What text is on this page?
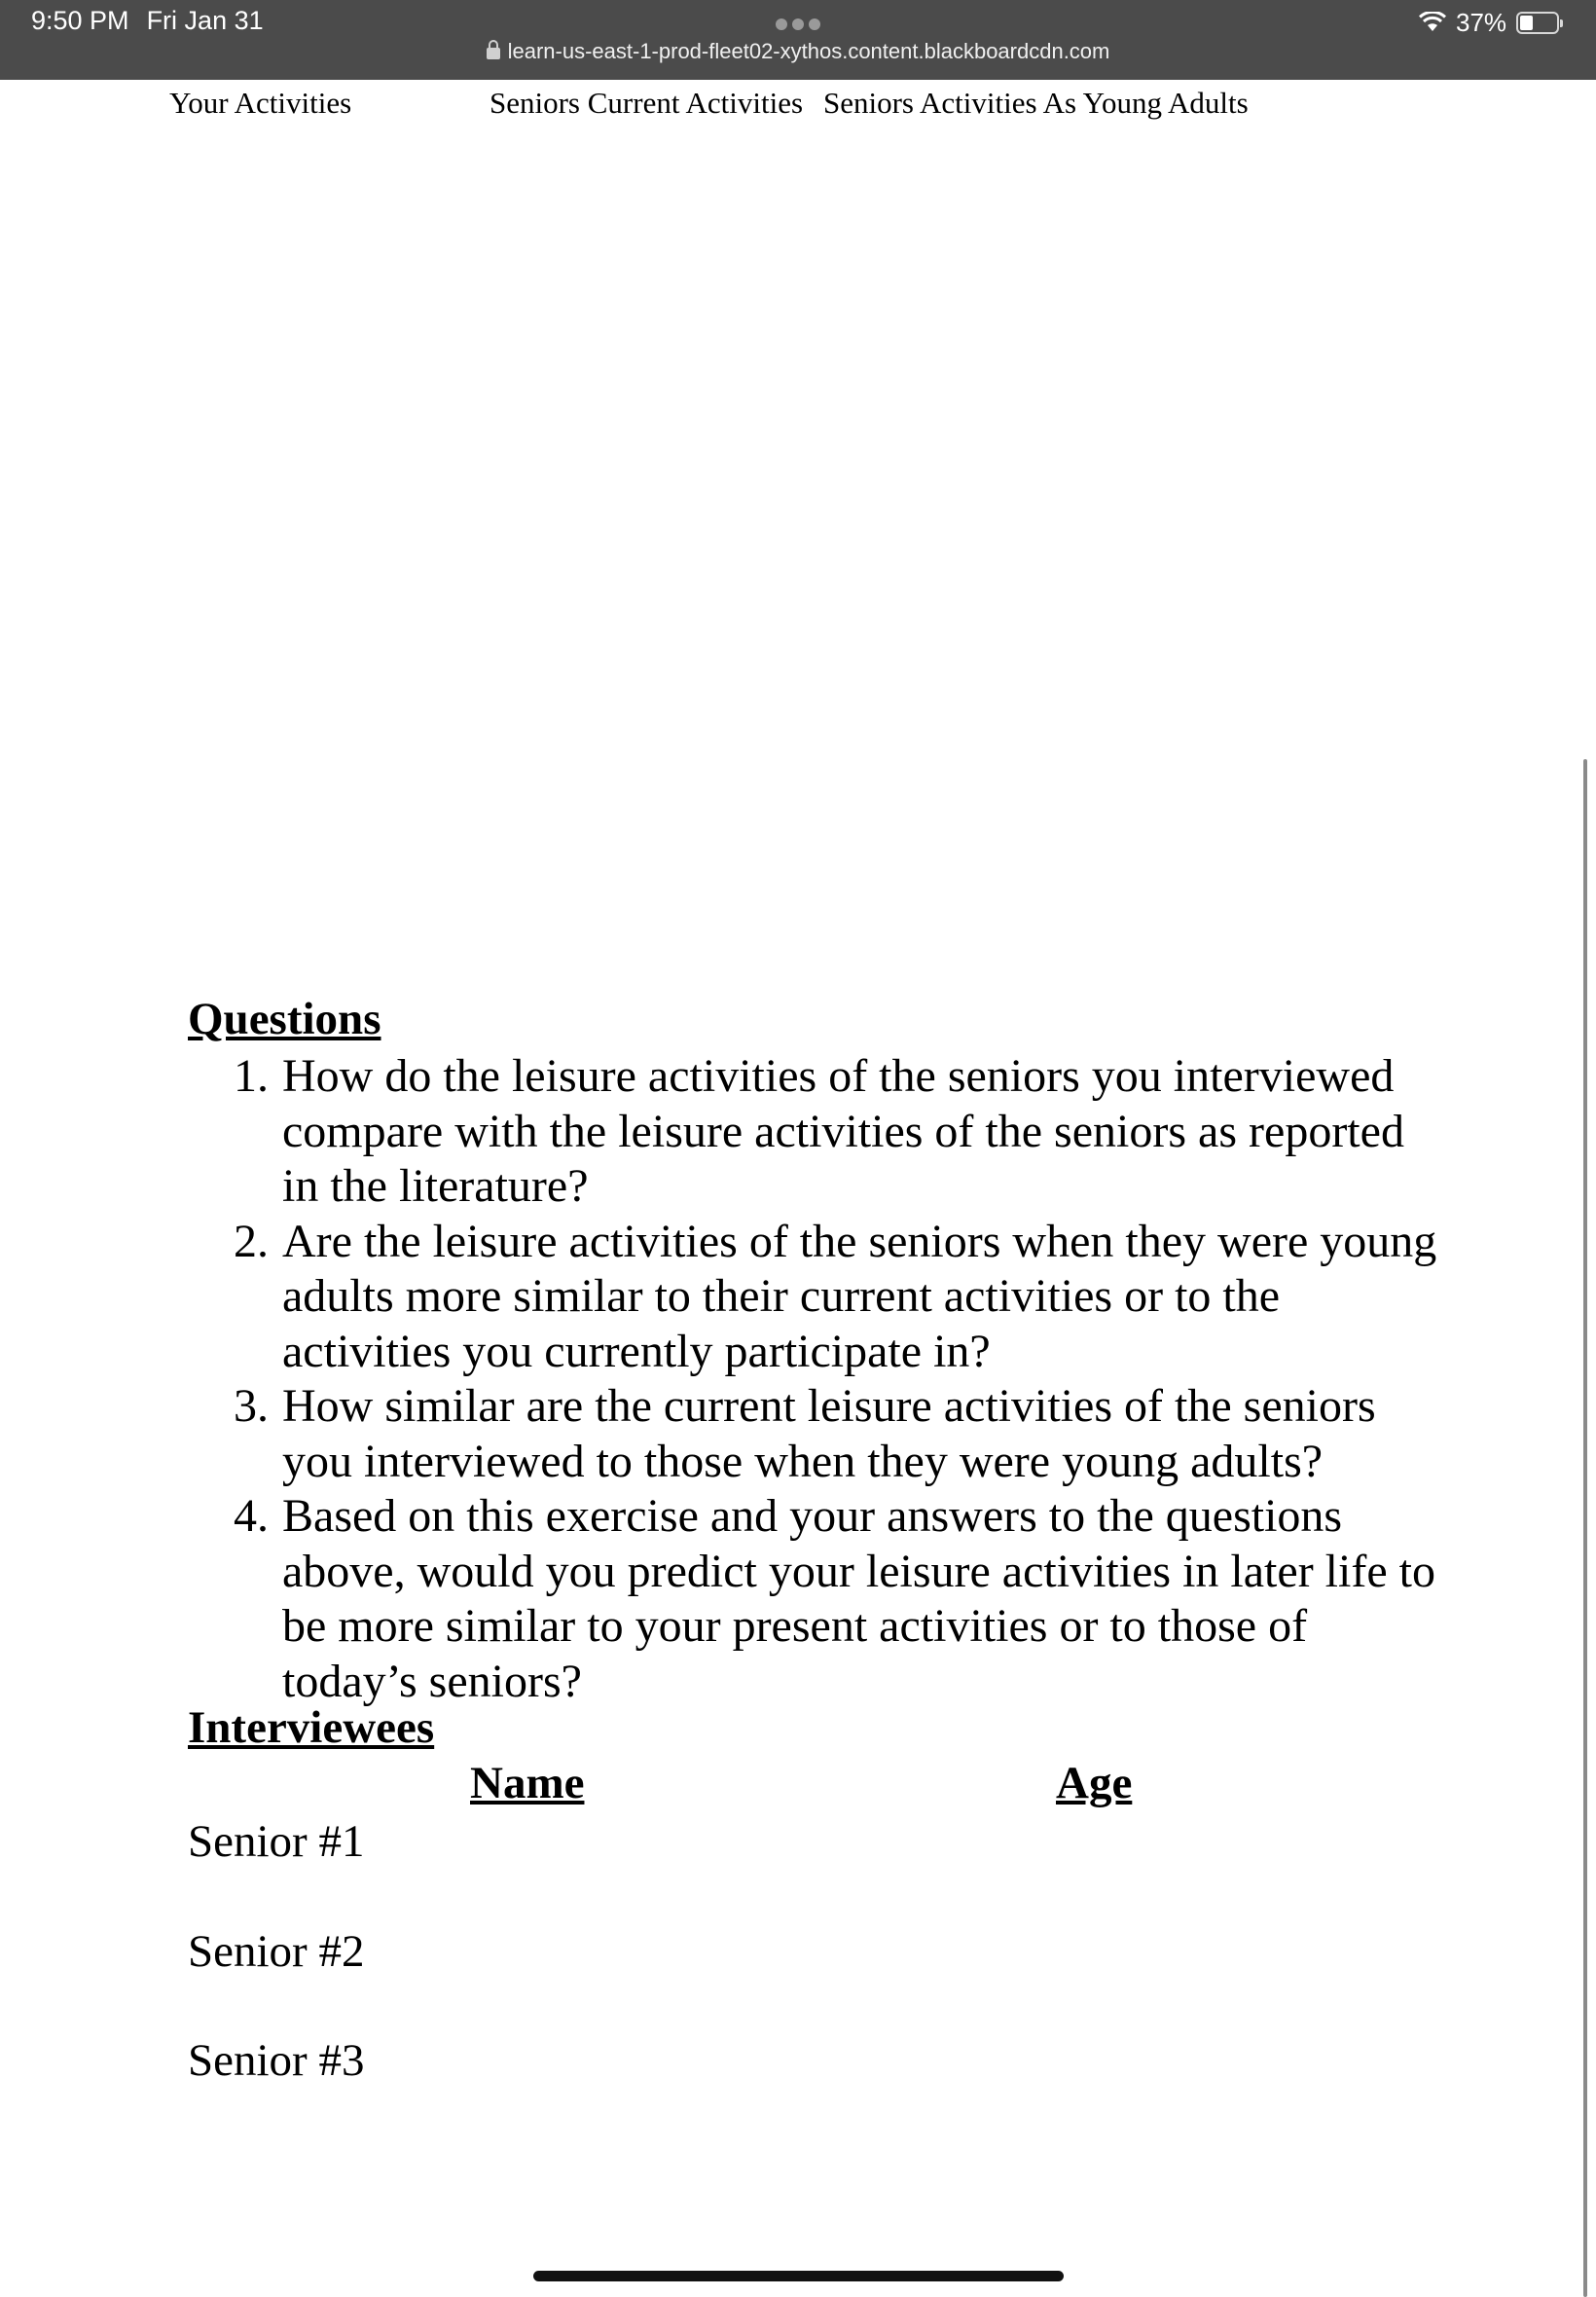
9:50 PM Fri Jan 31
learn-us-east-1-prod-fleet02-xythos.content.blackboardcdn.com
37%
Your Activities	Seniors Current Activities Seniors Activities As Young Adults
Questions
1. How do the leisure activities of the seniors you interviewed compare with the leisure activities of the seniors as reported in the literature?
2. Are the leisure activities of the seniors when they were young adults more similar to their current activities or to the activities you currently participate in?
3. How similar are the current leisure activities of the seniors you interviewed to those when they were young adults?
4. Based on this exercise and your answers to the questions above, would you predict your leisure activities in later life to be more similar to your present activities or to those of today’s seniors?
Interviewees
Name	Age
Senior #1
Senior #2
Senior #3
